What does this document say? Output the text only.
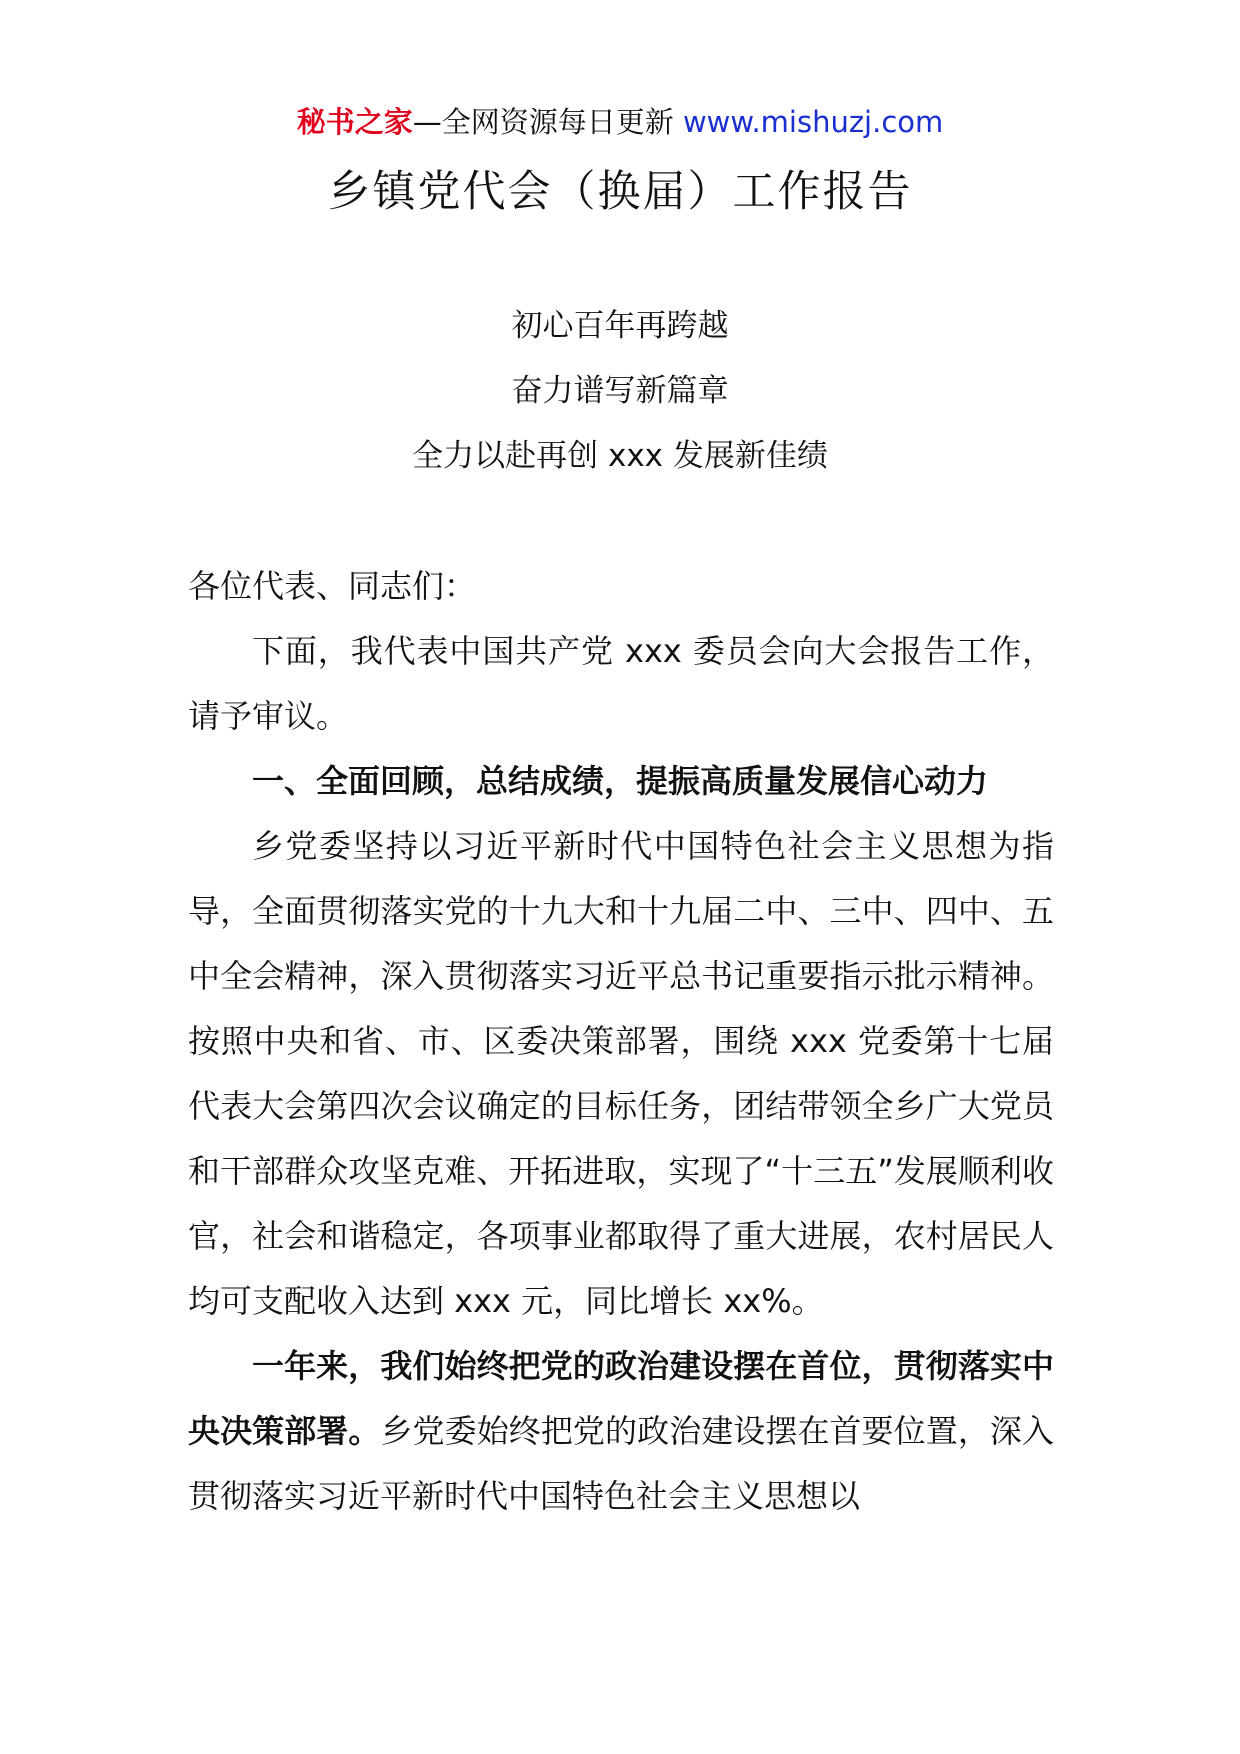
秘书之家—全网资源每日更新 www.mishuzj.com
乡镇党代会（换届）工作报告
初心百年再跨越
奋力谱写新篇章
全力以赴再创 xxx 发展新佳绩

各位代表、同志们：

下面，我代表中国共产党 xxx 委员会向大会报告工作，请予审议。

一、全面回顾，总结成绩，提振高质量发展信心动力

乡党委坚持以习近平新时代中国特色社会主义思想为指导，全面贯彻落实党的十九大和十九届二中、三中、四中、五中全会精神，深入贯彻落实习近平总书记重要指示批示精神。按照中央和省、市、区委决策部署，围绕 xxx 党委第十七届代表大会第四次会议确定的目标任务，团结带领全乡广大党员和干部群众攻坚克难、开拓进取，实现了“十三五”发展顺利收官，社会和谐稳定，各项事业都取得了重大进展，农村居民人均可支配收入达到 xxx 元，同比增长 xx%。

一年来，我们始终把党的政治建设摆在首位，贯彻落实中央决策部署。乡党委始终把党的政治建设摆在首要位置，深入贯彻落实习近平新时代中国特色社会主义思想以
